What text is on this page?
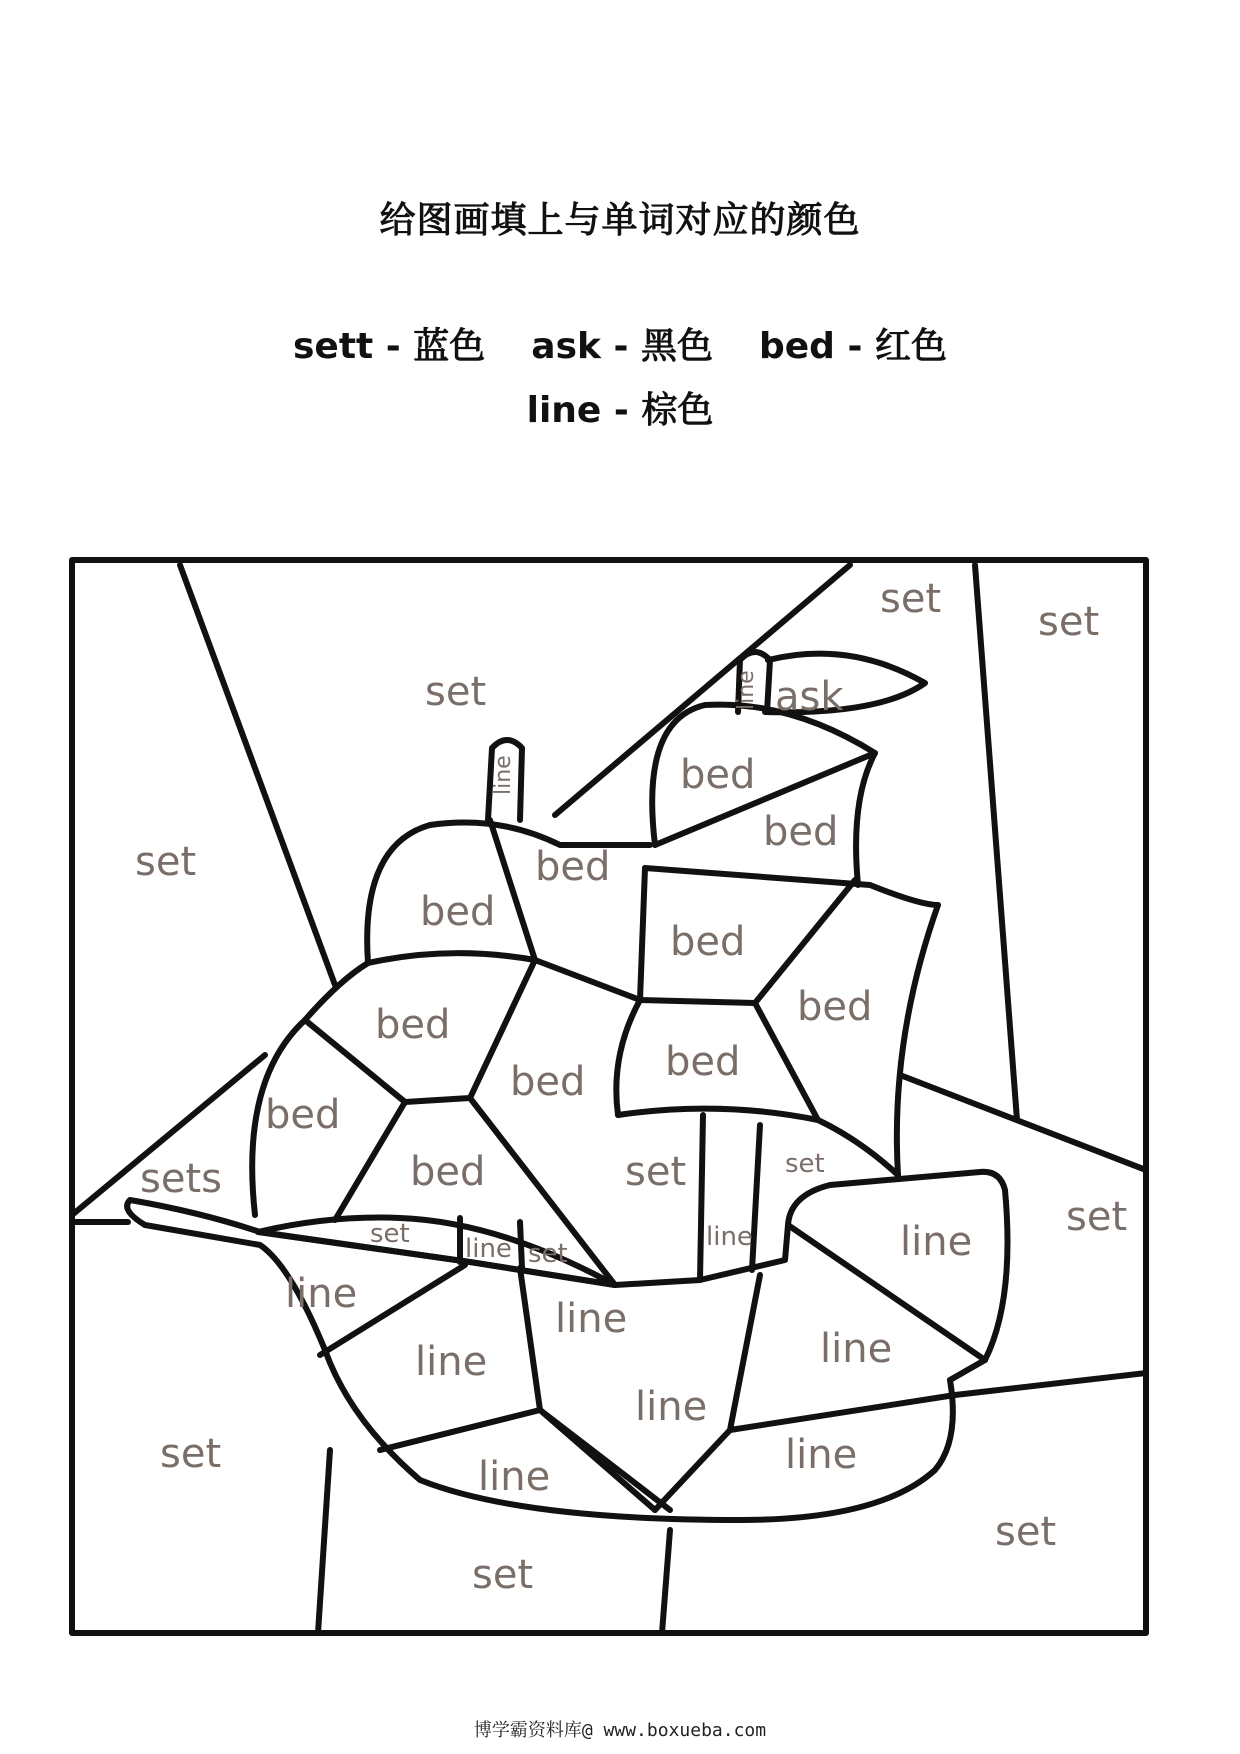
给图画填上与单词对应的颜色
sett - 蓝色 ask - 黑色 bed - 红色
line - 棕色
set set
set
set
sets
set
set
set
set
ask
bed
bed
bed
bed
bed
bed	bed
bed
bed
bed
bed	set
line
line
line
line	line
line
line
line
set
set
set
line	line
line
line
博学霸资料库@ www.boxueba.com
